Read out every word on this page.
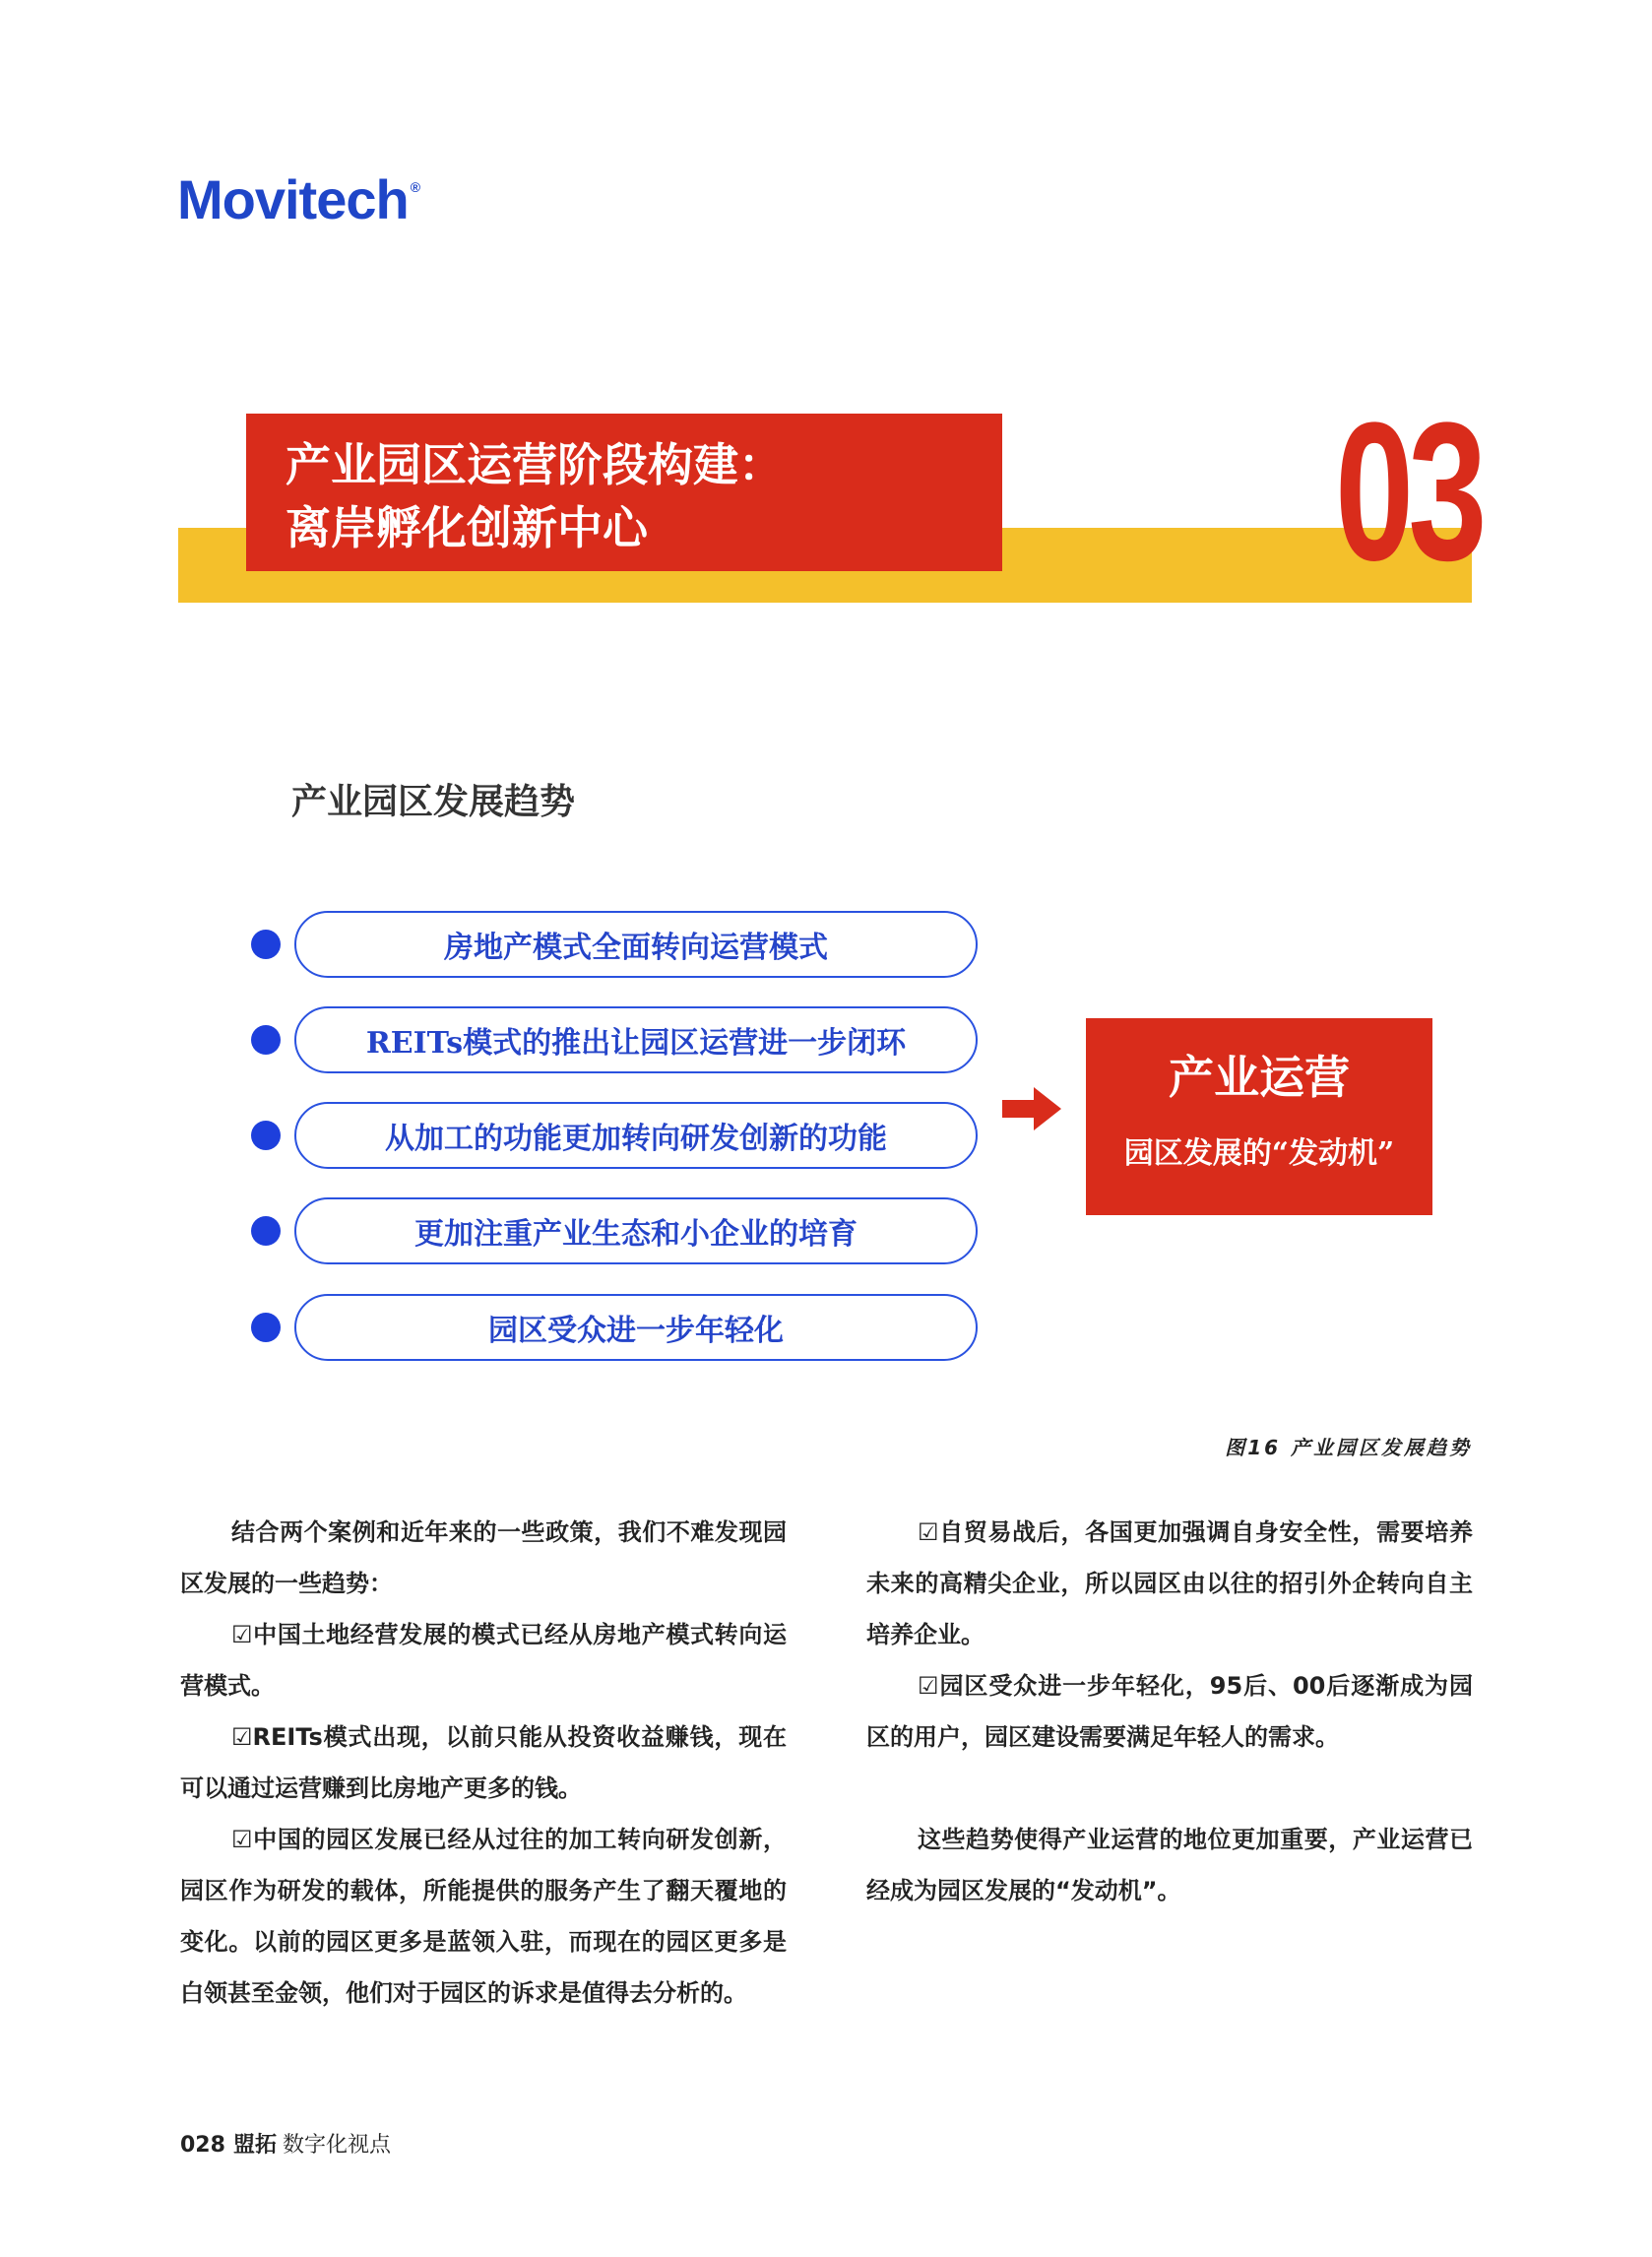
Movitech ®
产业园区运营阶段构建：
离岸孵化创新中心	03
产业园区发展趋势
房地产模式全面转向运营模式
REITs模式的推出让园区运营进一步闭环
从加工的功能更加转向研发创新的功能
更加注重产业生态和小企业的培育
园区受众进一步年轻化
产业运营
园区发展的“发动机”
图16 产业园区发展趋势

结合两个案例和近年来的一些政策，我们不难发现园区发展的一些趋势：

☑中国土地经营发展的模式已经从房地产模式转向运营模式。

☑REITs模式出现，以前只能从投资收益赚钱，现在可以通过运营赚到比房地产更多的钱。

☑中国的园区发展已经从过往的加工转向研发创新，园区作为研发的载体，所能提供的服务产生了翻天覆地的变化。以前的园区更多是蓝领入驻，而现在的园区更多是白领甚至金领，他们对于园区的诉求是值得去分析的。

☑自贸易战后，各国更加强调自身安全性，需要培养未来的高精尖企业，所以园区由以往的招引外企转向自主培养企业。

☑园区受众进一步年轻化，95后、00后逐渐成为园区的用户，园区建设需要满足年轻人的需求。

这些趋势使得产业运营的地位更加重要，产业运营已经成为园区发展的“发动机”。

028 盟拓 数字化视点
